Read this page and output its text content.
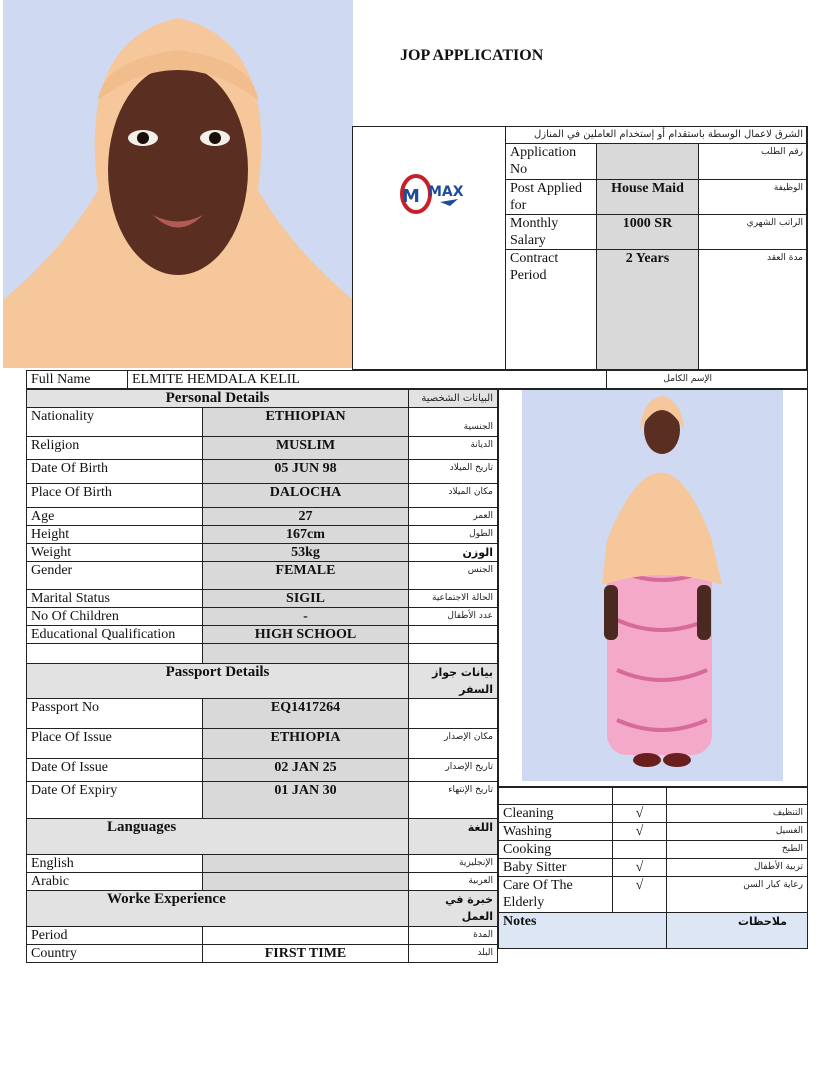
JOP APPLICATION
M MAX
الشرق لاعمال الوسطة باستقدام أو إستخدام العاملين في المنازل		
Application No		رقم الطلب
Post Applied for	House Maid	الوظيفة
Monthly Salary	1000 SR	الراتب الشهري
Contract Period	2 Years	مدة العقد
Full Name	ELMITE HEMDALA KELIL	الإسم الكامل
Personal Details		البيانات الشخصية
Nationality	ETHIOPIAN	الجنسية
Religion	MUSLIM	الديانة
Date Of Birth	05 JUN 98	تاريخ الميلاد
Place Of Birth	DALOCHA	مكان الميلاد
Age	27	العمر
Height	167cm	الطول
Weight	53kg	الوزن
Gender	FEMALE	الجنس
Marital Status	SIGIL	الحالة الاجتماعية
No Of Children	-	عدد الأطفال
Educational Qualification	HIGH SCHOOL	

Passport Details		بيانات جواز السفر
Passport No	EQ1417264	
Place Of Issue	ETHIOPIA	مكان الإصدار
Date Of Issue	02 JAN 25	تاريخ الإصدار
Date Of Expiry	01 JAN 30	تاريخ الإنتهاء
Languages		اللغة
English		الإنجليزية
Arabic		العربية
Worke Experience		خبرة في العمل
Period		المدة
Country	FIRST TIME	البلد

Cleaning	√	التنظيف
Washing	√	الغسيل
Cooking		الطبخ
Baby Sitter	√	تربية الأطفال
Care Of The Elderly	√	رعاية كبار السن
Notes		ملاحظات
